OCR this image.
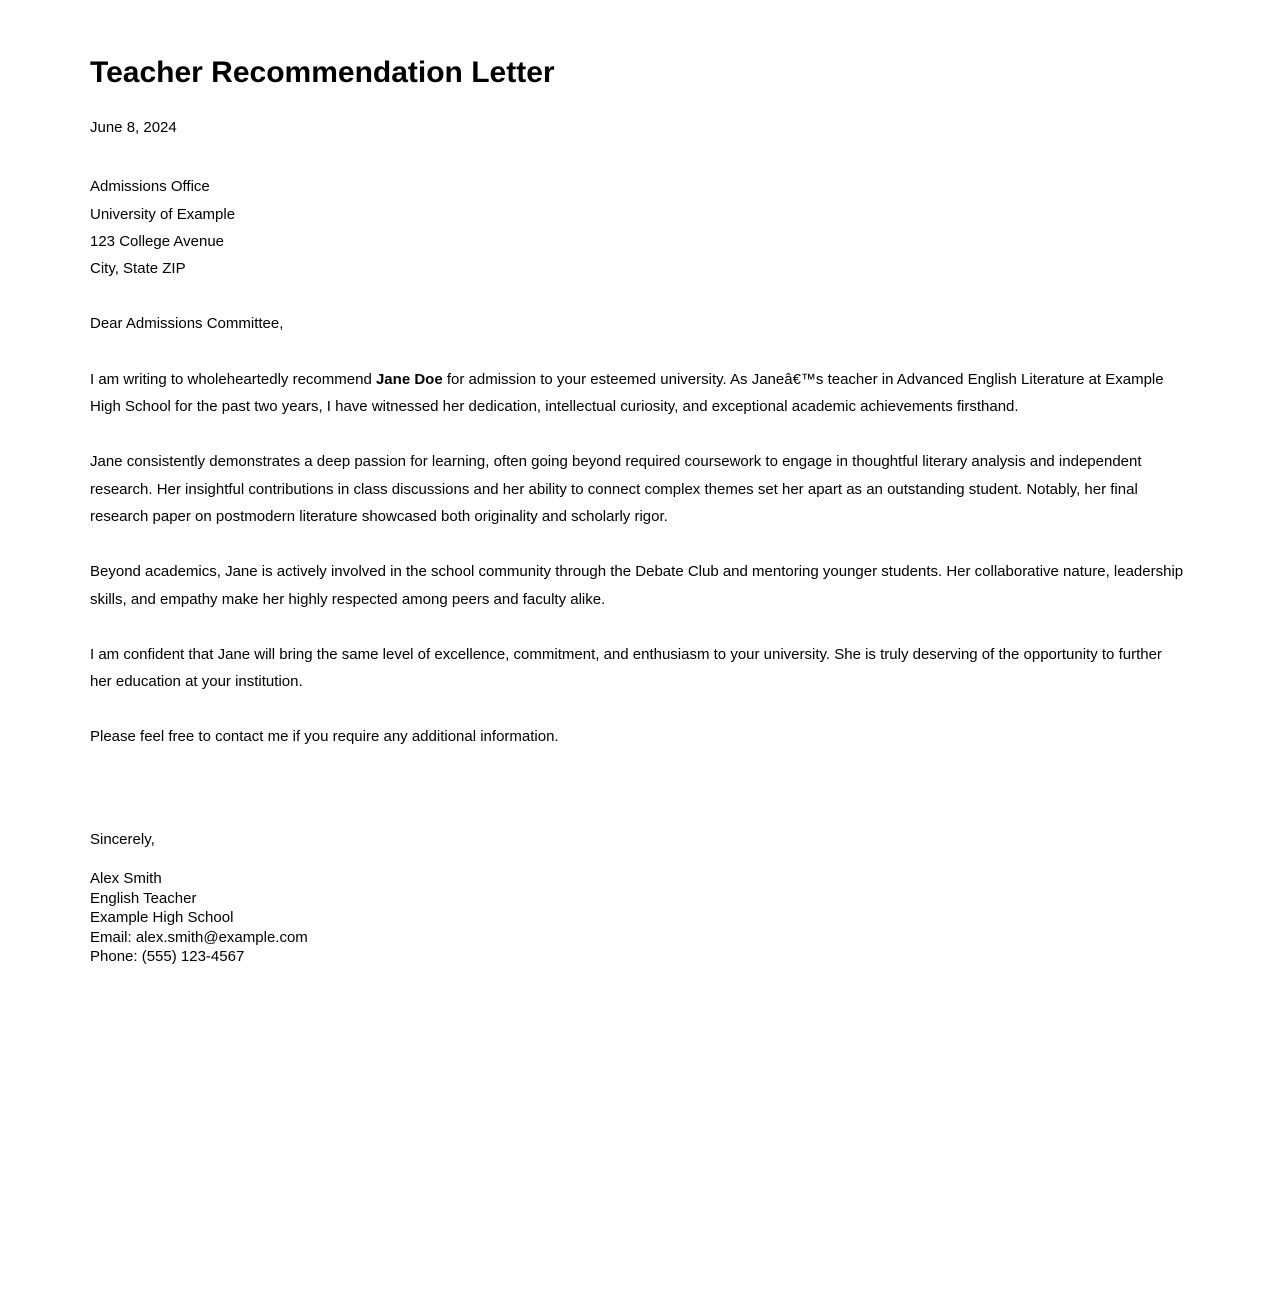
Teacher Recommendation Letter

June 8, 2024

Admissions Office
University of Example
123 College Avenue
City, State ZIP

Dear Admissions Committee,

I am writing to wholeheartedly recommend Jane Doe for admission to your esteemed university. As Janeâ€™s teacher in Advanced English Literature at Example High School for the past two years, I have witnessed her dedication, intellectual curiosity, and exceptional academic achievements firsthand.

Jane consistently demonstrates a deep passion for learning, often going beyond required coursework to engage in thoughtful literary analysis and independent research. Her insightful contributions in class discussions and her ability to connect complex themes set her apart as an outstanding student. Notably, her final research paper on postmodern literature showcased both originality and scholarly rigor.

Beyond academics, Jane is actively involved in the school community through the Debate Club and mentoring younger students. Her collaborative nature, leadership skills, and empathy make her highly respected among peers and faculty alike.

I am confident that Jane will bring the same level of excellence, commitment, and enthusiasm to your university. She is truly deserving of the opportunity to further her education at your institution.

Please feel free to contact me if you require any additional information.

Sincerely,

Alex Smith
English Teacher
Example High School
Email: alex.smith@example.com
Phone: (555) 123-4567
